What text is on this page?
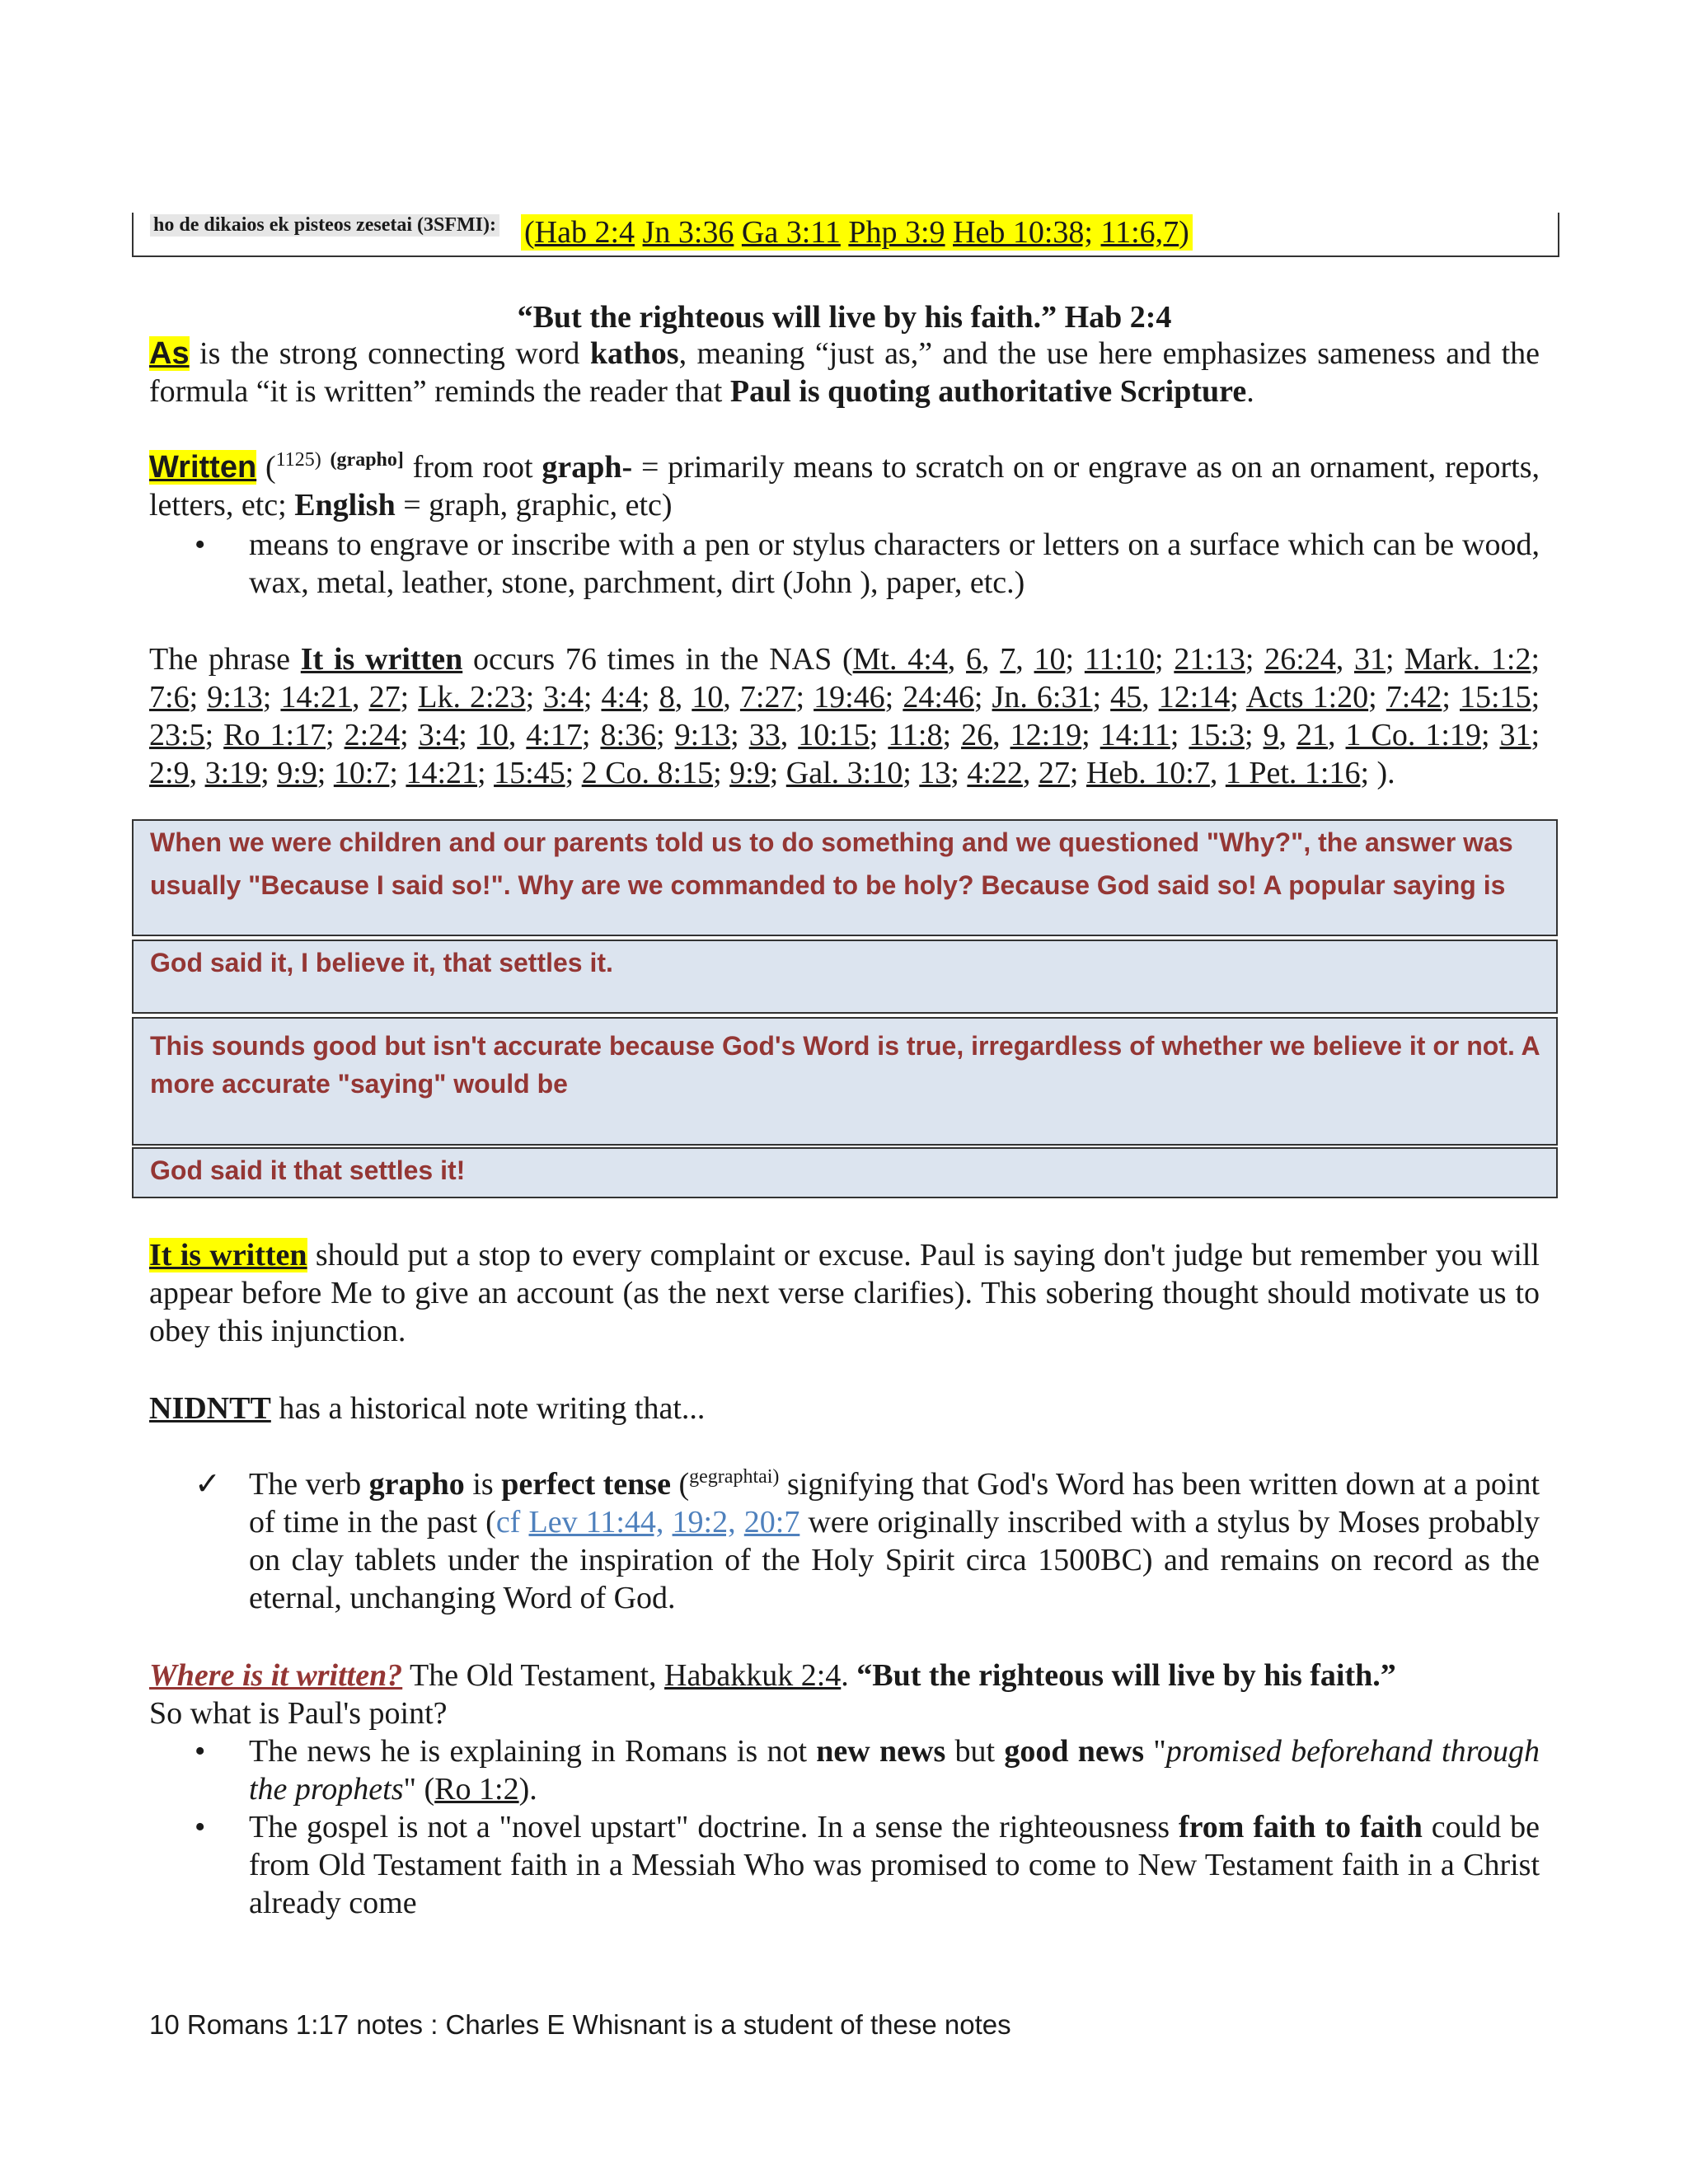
ho de dikaios ek pisteos zesetai (3SFMI): (Hab 2:4 Jn 3:36 Ga 3:11 Php 3:9 Heb 10:38; 11:6,7)
“But the righteous will live by his faith.” Hab 2:4
As is the strong connecting word kathos, meaning “just as,” and the use here emphasizes sameness and the formula “it is written” reminds the reader that Paul is quoting authoritative Scripture.
Written ($^{1125)}$ $^{(grapho]}$ from root graph- = primarily means to scratch on or engrave as on an ornament, reports, letters, etc; English = graph, graphic, etc)
• means to engrave or inscribe with a pen or stylus characters or letters on a surface which can be wood, wax, metal, leather, stone, parchment, dirt (John ), paper, etc.)
The phrase It is written occurs 76 times in the NAS (Mt. 4:4, 6, 7, 10; 11:10; 21:13; 26:24, 31; Mark. 1:2; 7:6; 9:13; 14:21, 27; Lk. 2:23; 3:4; 4:4; 8, 10, 7:27; 19:46; 24:46; Jn. 6:31; 45, 12:14; Acts 1:20; 7:42; 15:15; 23:5; Ro 1:17; 2:24; 3:4; 10, 4:17; 8:36; 9:13; 33, 10:15; 11:8; 26, 12:19; 14:11; 15:3; 9, 21, 1 Co. 1:19; 31; 2:9, 3:19; 9:9; 10:7; 14:21; 15:45; 2 Co. 8:15; 9:9; Gal. 3:10; 13; 4:22, 27; Heb. 10:7, 1 Pet. 1:16; ).
When we were children and our parents told us to do something and we questioned "Why?", the answer was usually "Because I said so!". Why are we commanded to be holy? Because God said so! A popular saying is
God said it, I believe it, that settles it.
This sounds good but isn't accurate because God's Word is true, irregardless of whether we believe it or not. A more accurate "saying" would be
God said it that settles it!
It is written should put a stop to every complaint or excuse. Paul is saying don't judge but remember you will appear before Me to give an account (as the next verse clarifies). This sobering thought should motivate us to obey this injunction.
NIDNTT has a historical note writing that...
✓ The verb grapho is perfect tense ($^{gegraphtai)}$ signifying that God's Word has been written down at a point of time in the past (cf Lev 11:44, 19:2, 20:7 were originally inscribed with a stylus by Moses probably on clay tablets under the inspiration of the Holy Spirit circa 1500BC) and remains on record as the eternal, unchanging Word of God.
Where is it written? The Old Testament, Habakkuk 2:4. “But the righteous will live by his faith.”
So what is Paul's point?
• The news he is explaining in Romans is not new news but good news "promised beforehand through the prophets" (Ro 1:2).
• The gospel is not a "novel upstart" doctrine. In a sense the righteousness from faith to faith could be from Old Testament faith in a Messiah Who was promised to come to New Testament faith in a Christ already come
10 Romans 1:17 notes : Charles E Whisnant is a student of these notes
